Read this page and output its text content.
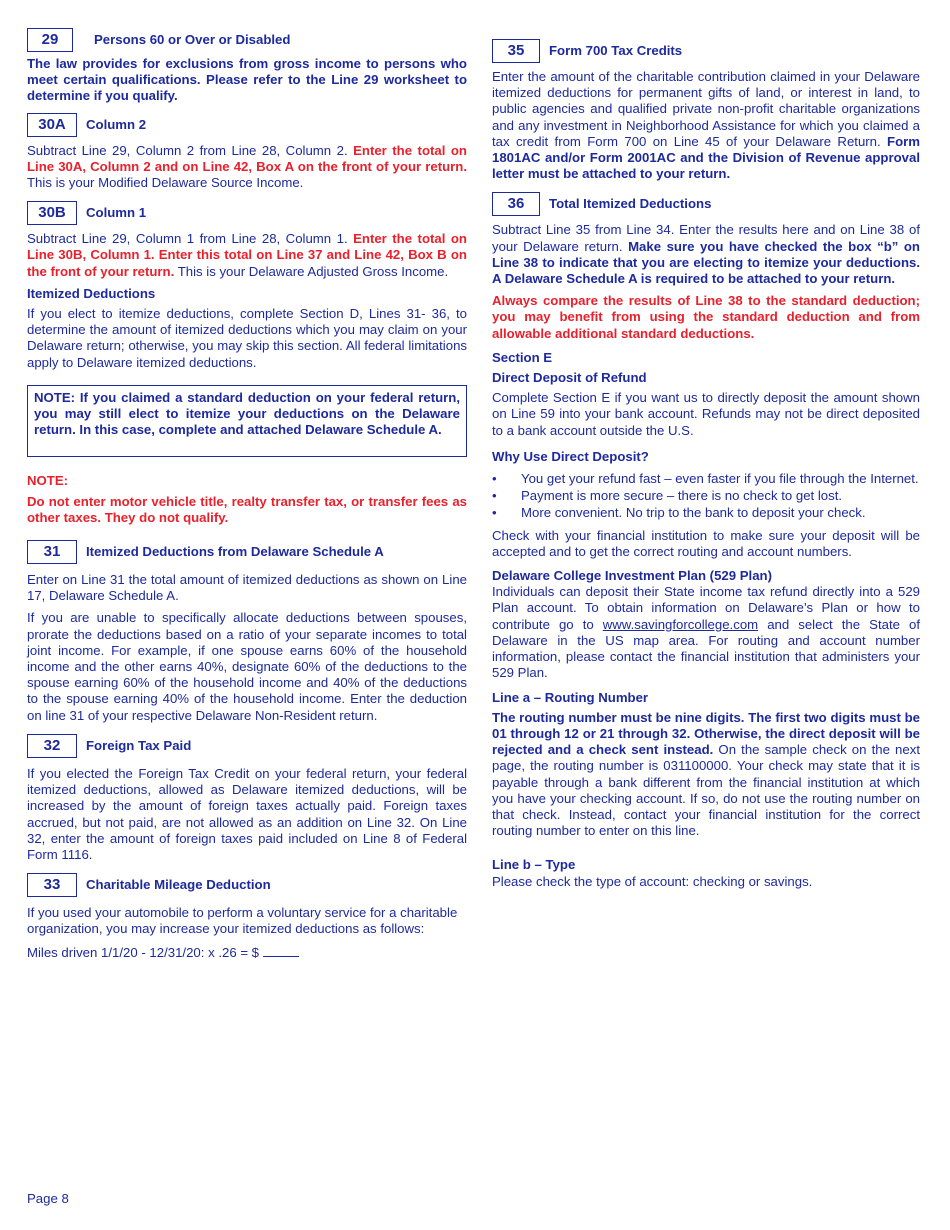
29	Persons 60 or Over or Disabled

The law provides for exclusions from gross income to persons who meet certain qualifications. Please refer to the Line 29 worksheet to determine if you qualify.

30A	Column 2

Subtract Line 29, Column 2 from Line 28, Column 2. Enter the total on Line 30A, Column 2 and on Line 42, Box A on the front of your return. This is your Modified Delaware Source Income.

30B	Column 1

Subtract Line 29, Column 1 from Line 28, Column 1. Enter the total on Line 30B, Column 1. Enter this total on Line 37 and Line 42, Box B on the front of your return. This is your Delaware Adjusted Gross Income.

Itemized Deductions

If you elect to itemize deductions, complete Section D, Lines 31- 36, to determine the amount of itemized deductions which you may claim on your Delaware return; otherwise, you may skip this section. All federal limitations apply to Delaware itemized deductions.

NOTE: If you claimed a standard deduction on your federal return, you may still elect to itemize your deductions on the Delaware return. In this case, complete and attached Delaware Schedule A.

NOTE:

Do not enter motor vehicle title, realty transfer tax, or transfer fees as other taxes. They do not qualify.

31	Itemized Deductions from Delaware Schedule A

Enter on Line 31 the total amount of itemized deductions as shown on Line 17, Delaware Schedule A.

If you are unable to specifically allocate deductions between spouses, prorate the deductions based on a ratio of your separate incomes to total joint income. For example, if one spouse earns 60% of the household income and the other earns 40%, designate 60% of the deductions to the spouse earning 60% of the household income and 40% of the deductions to the spouse earning 40% of the household income. Enter the deduction on line 31 of your respective Delaware Non-Resident return.

32	Foreign Tax Paid

If you elected the Foreign Tax Credit on your federal return, your federal itemized deductions, allowed as Delaware itemized deductions, will be increased by the amount of foreign taxes actually paid. Foreign taxes accrued, but not paid, are not allowed as an addition on Line 32. On Line 32, enter the amount of foreign taxes paid included on Line 8 of Federal Form 1116.

33	Charitable Mileage Deduction

If you used your automobile to perform a voluntary service for a charitable organization, you may increase your itemized deductions as follows:

Miles driven 1/1/20 - 12/31/20: x .26 = $

35	Form 700 Tax Credits

Enter the amount of the charitable contribution claimed in your Delaware itemized deductions for permanent gifts of land, or interest in land, to public agencies and qualified private non-profit charitable organizations and any investment in Neighborhood Assistance for which you claimed a tax credit from Form 700 on Line 45 of your Delaware Return. Form 1801AC and/or Form 2001AC and the Division of Revenue approval letter must be attached to your return.

36	Total Itemized Deductions

Subtract Line 35 from Line 34. Enter the results here and on Line 38 of your Delaware return. Make sure you have checked the box “b” on Line 38 to indicate that you are electing to itemize your deductions. A Delaware Schedule A is required to be attached to your return.

Always compare the results of Line 38 to the standard deduction; you may benefit from using the standard deduction and from allowable additional standard deductions.

Section E
Direct Deposit of Refund

Complete Section E if you want us to directly deposit the amount shown on Line 59 into your bank account. Refunds may not be direct deposited to a bank account outside the U.S.

Why Use Direct Deposit?
•	You get your refund fast – even faster if you file through the Internet.
•	Payment is more secure – there is no check to get lost.
•	More convenient. No trip to the bank to deposit your check.

Check with your financial institution to make sure your deposit will be accepted and to get the correct routing and account numbers.

Delaware College Investment Plan (529 Plan)

Individuals can deposit their State income tax refund directly into a 529 Plan account. To obtain information on Delaware’s Plan or how to contribute go to www.savingforcollege.com and select the State of Delaware in the US map area. For routing and account number information, please contact the financial institution that administers your 529 Plan.

Line a – Routing Number

The routing number must be nine digits. The first two digits must be 01 through 12 or 21 through 32. Otherwise, the direct deposit will be rejected and a check sent instead. On the sample check on the next page, the routing number is 031100000. Your check may state that it is payable through a bank different from the financial institution at which you have your checking account. If so, do not use the routing number on that check. Instead, contact your financial institution for the correct routing number to enter on this line.

Line b – Type

Please check the type of account: checking or savings.

Page 8
